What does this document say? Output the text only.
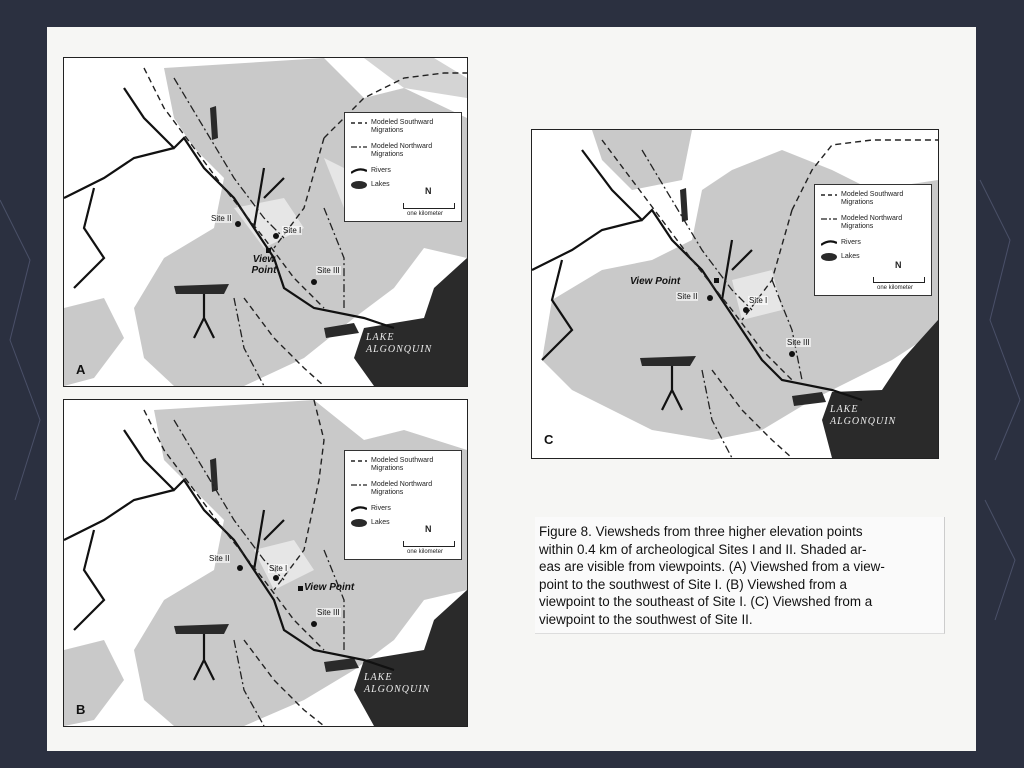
Site II
Site I
Site III
View Point
LAKE
ALGONQUIN
A
Modeled Southward Migrations
Modeled Northward Migrations
Rivers
Lakes
N
one kilometer
Site II
Site I
Site III
View Point
LAKE
ALGONQUIN
B
Modeled Southward Migrations
Modeled Northward Migrations
Rivers
Lakes
N
one kilometer
View Point
Site II	Site I
Site III
LAKE
ALGONQUIN
C
Modeled Southward Migrations
Modeled Northward Migrations
Rivers
Lakes
N
one kilometer
Figure 8. Viewsheds from three higher elevation points
within 0.4 km of archeological Sites I and II. Shaded ar-
eas are visible from viewpoints. (A) Viewshed from a view-
point to the southwest of Site I. (B) Viewshed from a
viewpoint to the southeast of Site I. (C) Viewshed from a
viewpoint to the southwest of Site II.
